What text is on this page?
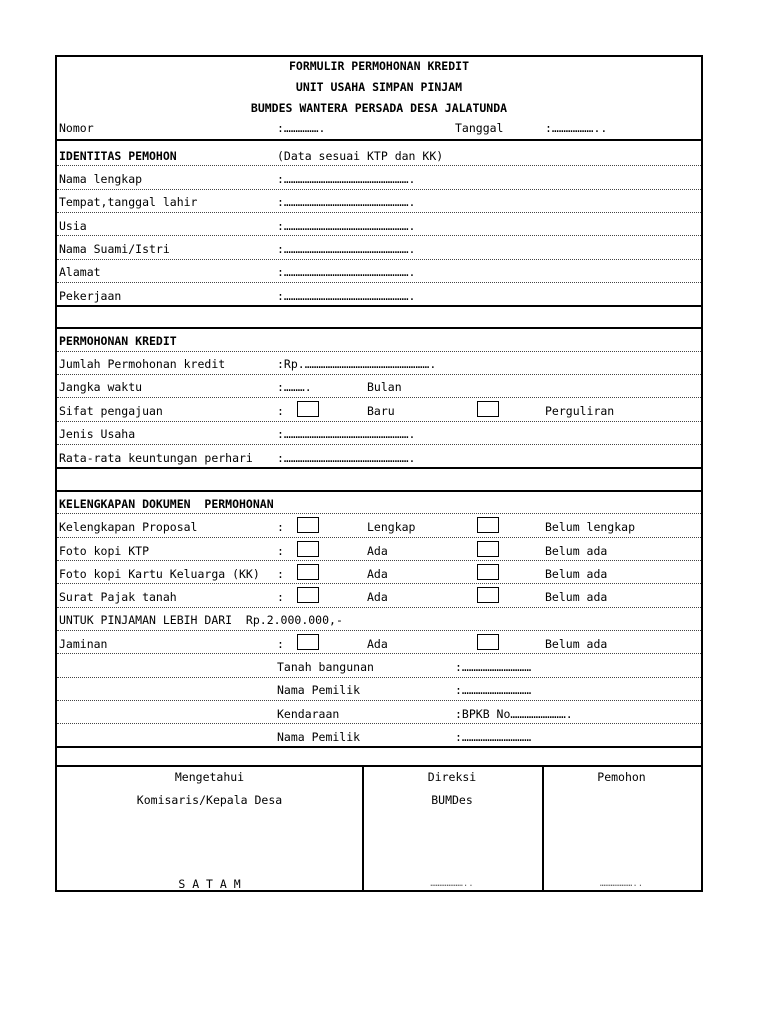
FORMULIR PERMOHONAN KREDIT
UNIT USAHA SIMPAN PINJAM
BUMDES WANTERA PERSADA DESA JALATUNDA
Nomor	:…………….	Tanggal	:………………..
IDENTITAS PEMOHON	(Data sesuai KTP dan KK)
Nama lengkap	:……………………………………………….
Tempat,tanggal lahir	:……………………………………………….
Usia	:……………………………………………….
Nama Suami/Istri	:……………………………………………….
Alamat	:……………………………………………….
Pekerjaan	:……………………………………………….
PERMOHONAN KREDIT
Jumlah Permohonan kredit	:Rp.……………………………………………….
Jangka waktu	:……….	Bulan
Sifat pengajuan	:	Baru	Perguliran
Jenis Usaha	:……………………………………………….
Rata-rata keuntungan perhari :……………………………………………….
KELENGKAPAN DOKUMEN  PERMOHONAN
Kelengkapan Proposal	:	Lengkap	Belum lengkap
Foto kopi KTP	:	Ada	Belum ada
Foto kopi Kartu Keluarga (KK) :	Ada	Belum ada
Surat Pajak tanah	:	Ada	Belum ada
UNTUK PINJAMAN LEBIH DARI  Rp.2.000.000,-
Jaminan	:	Ada	Belum ada
Tanah bangunan	:…………………………
Nama Pemilik	:…………………………
Kendaraan	:BPKB No…………………….
Nama Pemilik	:…………………………
Mengetahui
Komisaris/Kepala Desa
S A T A M
Direksi
BUMDes
………………..
Pemohon
………………..
